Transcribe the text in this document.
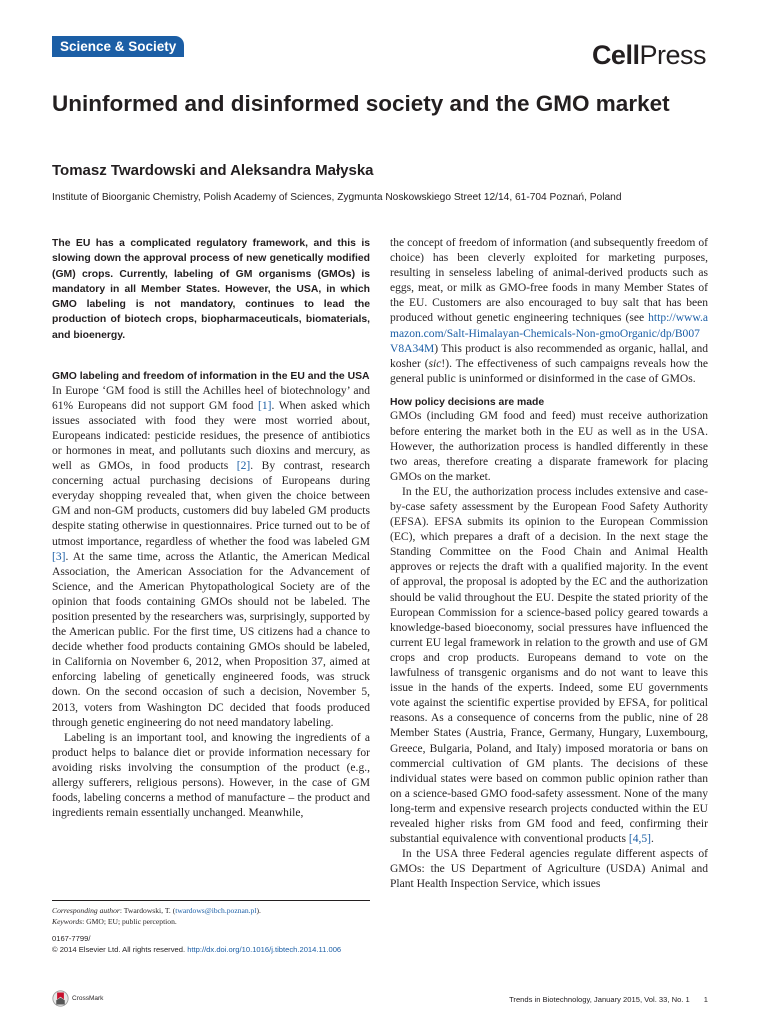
Science & Society	CellPress
Uninformed and disinformed society and the GMO market
Tomasz Twardowski and Aleksandra Małyska
Institute of Bioorganic Chemistry, Polish Academy of Sciences, Zygmunta Noskowskiego Street 12/14, 61-704 Poznań, Poland

The EU has a complicated regulatory framework, and this is slowing down the approval process of new genetically modified (GM) crops. Currently, labeling of GM organisms (GMOs) is mandatory in all Member States. However, the USA, in which GMO labeling is not mandatory, continues to lead the production of biotech crops, biopharmaceuticals, biomaterials, and bioenergy.

GMO labeling and freedom of information in the EU and the USA

In Europe ‘GM food is still the Achilles heel of biotechnology’ and 61% Europeans did not support GM food [1]. When asked which issues associated with food they were most worried about, Europeans indicated: pesticide residues, the presence of antibiotics or hormones in meat, and pollutants such dioxins and mercury, as well as GMOs, in food products [2]. By contrast, research concerning actual purchasing decisions of Europeans during everyday shopping revealed that, when given the choice between GM and non-GM products, customers did buy labeled GM products despite stating otherwise in questionnaires. Price turned out to be of utmost importance, regardless of whether the food was labeled GM [3]. At the same time, across the Atlantic, the American Medical Association, the American Association for the Advancement of Science, and the American Phytopathological Society are of the opinion that foods containing GMOs should not be labeled. The position presented by the researchers was, surprisingly, supported by the American public. For the first time, US citizens had a chance to decide whether food products containing GMOs should be labeled, in California on November 6, 2012, when Proposition 37, aimed at enforcing labeling of genetically engineered foods, was struck down. On the second occasion of such a decision, November 5, 2013, voters from Washington DC decided that foods produced through genetic engineering do not need mandatory labeling.

Labeling is an important tool, and knowing the ingredients of a product helps to balance diet or provide information necessary for avoiding risks involving the consumption of the product (e.g., allergy sufferers, religious persons). However, in the case of GM foods, labeling concerns a method of manufacture – the product and ingredients remain essentially unchanged. Meanwhile,

the concept of freedom of information (and subsequently freedom of choice) has been cleverly exploited for marketing purposes, resulting in senseless labeling of animal-derived products such as eggs, meat, or milk as GMO-free foods in many Member States of the EU. Customers are also encouraged to buy salt that has been produced without genetic engineering techniques (see http://www.amazon.com/Salt-Himalayan-Chemicals-Non-gmoOrganic/dp/B007V8A34M) This product is also recommended as organic, hallal, and kosher (sic!). The effectiveness of such campaigns reveals how the general public is uninformed or disinformed in the case of GMOs.

How policy decisions are made

GMOs (including GM food and feed) must receive authorization before entering the market both in the EU as well as in the USA. However, the authorization process is handled differently in these two areas, therefore creating a disparate framework for placing GMOs on the market.

In the EU, the authorization process includes extensive and case-by-case safety assessment by the European Food Safety Authority (EFSA). EFSA submits its opinion to the European Commission (EC), which prepares a draft of a decision. In the next stage the Standing Committee on the Food Chain and Animal Health approves or rejects the draft with a qualified majority. In the event of approval, the proposal is adopted by the EC and the authorization should be valid throughout the EU. Despite the stated priority of the European Commission for a science-based policy geared towards a knowledge-based bioeconomy, social pressures have influenced the current EU legal framework in relation to the growth and use of GM crops and crop products. Europeans demand to vote on the lawfulness of transgenic organisms and do not want to leave this issue in the hands of the experts. Indeed, some EU governments vote against the scientific expertise provided by EFSA, for political reasons. As a consequence of concerns from the public, nine of 28 Member States (Austria, France, Germany, Hungary, Luxembourg, Greece, Bulgaria, Poland, and Italy) imposed moratoria or bans on commercial cultivation of GM plants. The decisions of these individual states were based on common public opinion rather than on a science-based GMO food-safety assessment. None of the many long-term and expensive research projects conducted within the EU revealed higher risks from GM food and feed, confirming their substantial equivalence with conventional products [4,5].

In the USA three Federal agencies regulate different aspects of GMOs: the US Department of Agriculture (USDA) Animal and Plant Health Inspection Service, which issues

Corresponding author: Twardowski, T. (twardows@ibch.poznan.pl).
Keywords: GMO; EU; public perception.
0167-7799/
© 2014 Elsevier Ltd. All rights reserved. http://dx.doi.org/10.1016/j.tibtech.2014.11.006
CrossMark	Trends in Biotechnology, January 2015, Vol. 33, No. 1 1
